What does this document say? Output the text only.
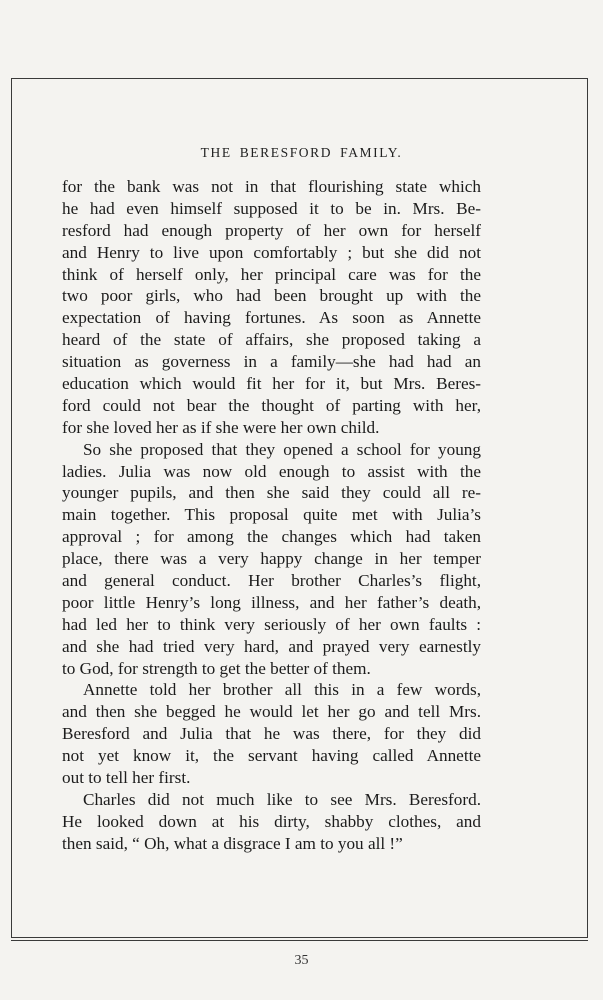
THE BERESFORD FAMILY.
for the bank was not in that flourishing state which
he had even himself supposed it to be in. Mrs. Be-
resford had enough property of her own for herself
and Henry to live upon comfortably ; but she did not
think of herself only, her principal care was for the
two poor girls, who had been brought up with the
expectation of having fortunes. As soon as Annette
heard of the state of affairs, she proposed taking a
situation as governess in a family—she had had an
education which would fit her for it, but Mrs. Beres-
ford could not bear the thought of parting with her,
for she loved her as if she were her own child.
So she proposed that they opened a school for young
ladies. Julia was now old enough to assist with the
younger pupils, and then she said they could all re-
main together. This proposal quite met with Julia’s
approval ; for among the changes which had taken
place, there was a very happy change in her temper
and general conduct. Her brother Charles’s flight,
poor little Henry’s long illness, and her father’s death,
had led her to think very seriously of her own faults :
and she had tried very hard, and prayed very earnestly
to God, for strength to get the better of them.
Annette told her brother all this in a few words,
and then she begged he would let her go and tell Mrs.
Beresford and Julia that he was there, for they did
not yet know it, the servant having called Annette
out to tell her first.
Charles did not much like to see Mrs. Beresford.
He looked down at his dirty, shabby clothes, and
then said, “ Oh, what a disgrace I am to you all !”
35
